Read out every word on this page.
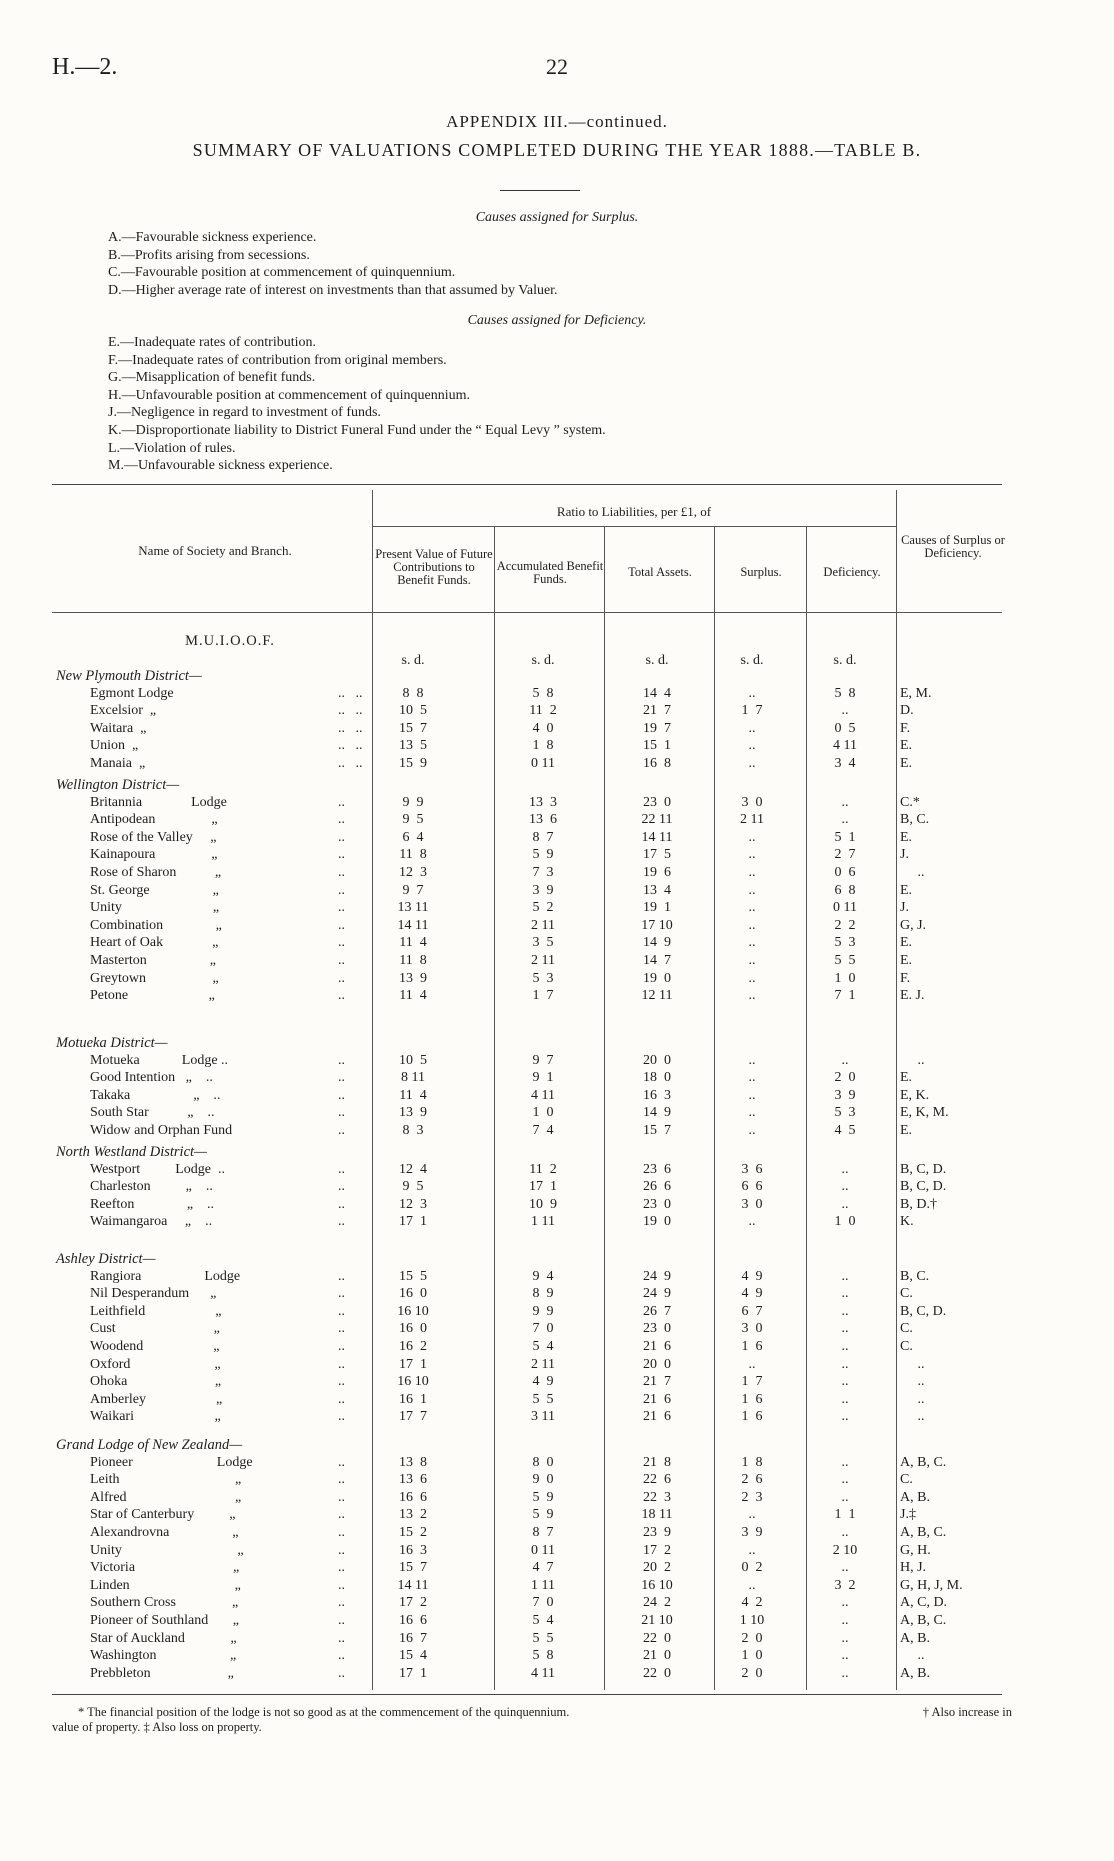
H.—2.	22
APPENDIX III.—continued.
SUMMARY OF VALUATIONS COMPLETED DURING THE YEAR 1888.—TABLE B.
Causes assigned for Surplus.
A.—Favourable sickness experience.
B.—Profits arising from secessions.
C.—Favourable position at commencement of quinquennium.
D.—Higher average rate of interest on investments than that assumed by Valuer.
Causes assigned for Deficiency.
E.—Inadequate rates of contribution.
F.—Inadequate rates of contribution from original members.
G.—Misapplication of benefit funds.
H.—Unfavourable position at commencement of quinquennium.
J.—Negligence in regard to investment of funds.
K.—Disproportionate liability to District Funeral Fund under the “ Equal Levy ” system.
L.—Violation of rules.
M.—Unfavourable sickness experience.
Name of Society and Branch.
Ratio to Liabilities, per £1, of
Present Value of Future Contributions to Benefit Funds.
Accumulated Benefit Funds.	Total Assets.	Surplus.	Deficiency.
Causes of Surplus or Deficiency.
M.U.I.O.O.F.
s. d.	s. d.	s. d.	s. d.	s. d.
New Plymouth District—
Egmont Lodge	..   ..	8  8	5  8	14  4	..	5  8	E, M.
Excelsior  „	..   ..	10  5	11  2	21  7	1  7	..	D.
Waitara  „	..   ..	15  7	4  0	19  7	..	0  5	F.
Union  „	..   ..	13  5	1  8	15  1	..	4 11	E.
Manaia  „	..   ..	15  9	0 11	16  8	..	3  4	E.
Wellington District—
Britannia              Lodge	..	9  9	13  3	23  0	3  0	..	C.*
Antipodean                „	..	9  5	13  6	22 11	2 11	..	B, C.
Rose of the Valley     „	..	6  4	8  7	14 11	..	5  1	E.
Kainapoura                „	..	11  8	5  9	17  5	..	2  7	J.
Rose of Sharon           „	..	12  3	7  3	19  6	..	0  6	..
St. George                  „	..	9  7	3  9	13  4	..	6  8	E.
Unity                          „	..	13 11	5  2	19  1	..	0 11	J.
Combination               „	..	14 11	2 11	17 10	..	2  2	G, J.
Heart of Oak              „	..	11  4	3  5	14  9	..	5  3	E.
Masterton                  „	..	11  8	2 11	14  7	..	5  5	E.
Greytown                   „	..	13  9	5  3	19  0	..	1  0	F.
Petone                       „	..	11  4	1  7	12 11	..	7  1	E. J.
Motueka District—
Motueka            Lodge ..	..	10  5	9  7	20  0	..	..	..
Good Intention   „    ..	..	8 11	9  1	18  0	..	2  0	E.
Takaka                  „    ..	..	11  4	4 11	16  3	..	3  9	E, K.
South Star           „    ..	..	13  9	1  0	14  9	..	5  3	E, K, M.
Widow and Orphan Fund	..	8  3	7  4	15  7	..	4  5	E.
North Westland District—
Westport          Lodge  ..	..	12  4	11  2	23  6	3  6	..	B, C, D.
Charleston          „    ..	..	9  5	17  1	26  6	6  6	..	B, C, D.
Reefton               „    ..	..	12  3	10  9	23  0	3  0	..	B, D.†
Waimangaroa     „    ..	..	17  1	1 11	19  0	..	1  0	K.
Ashley District—
Rangiora                  Lodge	..	15  5	9  4	24  9	4  9	..	B, C.
Nil Desperandum      „	..	16  0	8  9	24  9	4  9	..	C.
Leithfield                    „	..	16 10	9  9	26  7	6  7	..	B, C, D.
Cust                            „	..	16  0	7  0	23  0	3  0	..	C.
Woodend                    „	..	16  2	5  4	21  6	1  6	..	C.
Oxford                        „	..	17  1	2 11	20  0	..	..	..
Ohoka                         „	..	16 10	4  9	21  7	1  7	..	..
Amberley                    „	..	16  1	5  5	21  6	1  6	..	..
Waikari                       „	..	17  7	3 11	21  6	1  6	..	..
Grand Lodge of New Zealand—
Pioneer                        Lodge	..	13  8	8  0	21  8	1  8	..	A, B, C.
Leith                                 „	..	13  6	9  0	22  6	2  6	..	C.
Alfred                               „	..	16  6	5  9	22  3	2  3	..	A, B.
Star of Canterbury          „	..	13  2	5  9	18 11	..	1  1	J.‡
Alexandrovna                  „	..	15  2	8  7	23  9	3  9	..	A, B, C.
Unity                                 „	..	16  3	0 11	17  2	..	2 10	G, H.
Victoria                            „	..	15  7	4  7	20  2	0  2	..	H, J.
Linden                              „	..	14 11	1 11	16 10	..	3  2	G, H, J, M.
Southern Cross                „	..	17  2	7  0	24  2	4  2	..	A, C, D.
Pioneer of Southland       „	..	16  6	5  4	21 10	1 10	..	A, B, C.
Star of Auckland             „	..	16  7	5  5	22  0	2  0	..	A, B.
Washington                     „	..	15  4	5  8	21  0	1  0	..	..
Prebbleton                      „	..	17  1	4 11	22  0	2  0	..	A, B.
* The financial position of the lodge is not so good as at the commencement of the quinquennium.	† Also increase in
value of property. ‡ Also loss on property.
